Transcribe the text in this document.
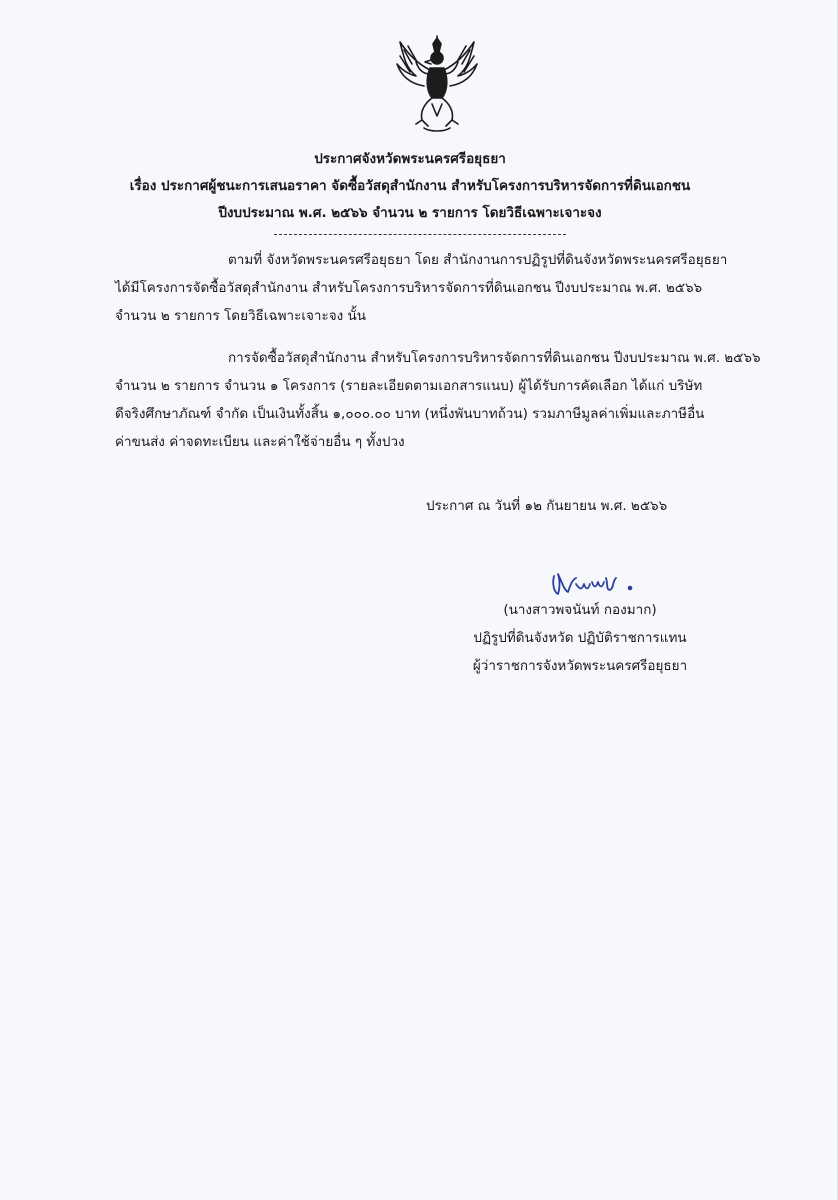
ประกาศจังหวัดพระนครศรีอยุธยา
เรื่อง ประกาศผู้ชนะการเสนอราคา จัดซื้อวัสดุสำนักงาน สำหรับโครงการบริหารจัดการที่ดินเอกชน
ปีงบประมาณ พ.ศ. ๒๕๖๖ จำนวน ๒ รายการ โดยวิธีเฉพาะเจาะจง
ตามที่ จังหวัดพระนครศรีอยุธยา โดย สำนักงานการปฏิรูปที่ดินจังหวัดพระนครศรีอยุธยา
ได้มีโครงการจัดซื้อวัสดุสำนักงาน สำหรับโครงการบริหารจัดการที่ดินเอกชน ปีงบประมาณ พ.ศ. ๒๕๖๖
จำนวน ๒ รายการ โดยวิธีเฉพาะเจาะจง นั้น
การจัดซื้อวัสดุสำนักงาน สำหรับโครงการบริหารจัดการที่ดินเอกชน ปีงบประมาณ พ.ศ. ๒๕๖๖
จำนวน ๒ รายการ จำนวน ๑ โครงการ (รายละเอียดตามเอกสารแนบ) ผู้ได้รับการคัดเลือก ได้แก่ บริษัท
ดีจริงศึกษาภัณฑ์ จำกัด เป็นเงินทั้งสิ้น ๑,๐๐๐.๐๐ บาท (หนึ่งพันบาทถ้วน) รวมภาษีมูลค่าเพิ่มและภาษีอื่น
ค่าขนส่ง ค่าจดทะเบียน และค่าใช้จ่ายอื่น ๆ ทั้งปวง
ประกาศ ณ วันที่ ๑๒ กันยายน พ.ศ. ๒๕๖๖
(นางสาวพจนันท์ กองมาก)
ปฏิรูปที่ดินจังหวัด ปฏิบัติราชการแทน
ผู้ว่าราชการจังหวัดพระนครศรีอยุธยา
